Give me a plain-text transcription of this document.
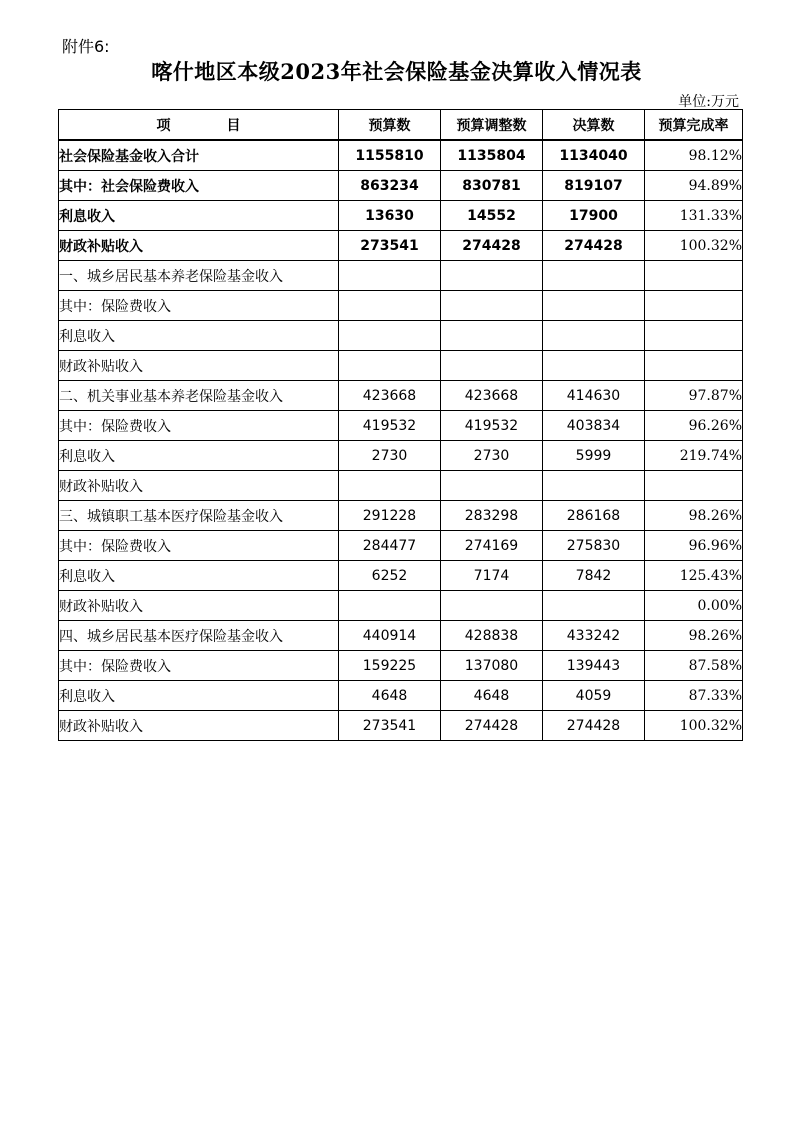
附件6:
喀什地区本级2023年社会保险基金决算收入情况表
单位:万元
项　　　　目	预算数	预算调整数	决算数	预算完成率
社会保险基金收入合计	1155810	1135804	1134040	98.12%
其中：社会保险费收入	863234	830781	819107	94.89%
利息收入	13630	14552	17900	131.33%
财政补贴收入	273541	274428	274428	100.32%
一、城乡居民基本养老保险基金收入				
其中：保险费收入				
利息收入				
财政补贴收入				
二、机关事业基本养老保险基金收入	423668	423668	414630	97.87%
其中：保险费收入	419532	419532	403834	96.26%
利息收入	2730	2730	5999	219.74%
财政补贴收入				
三、城镇职工基本医疗保险基金收入	291228	283298	286168	98.26%
其中：保险费收入	284477	274169	275830	96.96%
利息收入	6252	7174	7842	125.43%
财政补贴收入				0.00%
四、城乡居民基本医疗保险基金收入	440914	428838	433242	98.26%
其中：保险费收入	159225	137080	139443	87.58%
利息收入	4648	4648	4059	87.33%
财政补贴收入	273541	274428	274428	100.32%
